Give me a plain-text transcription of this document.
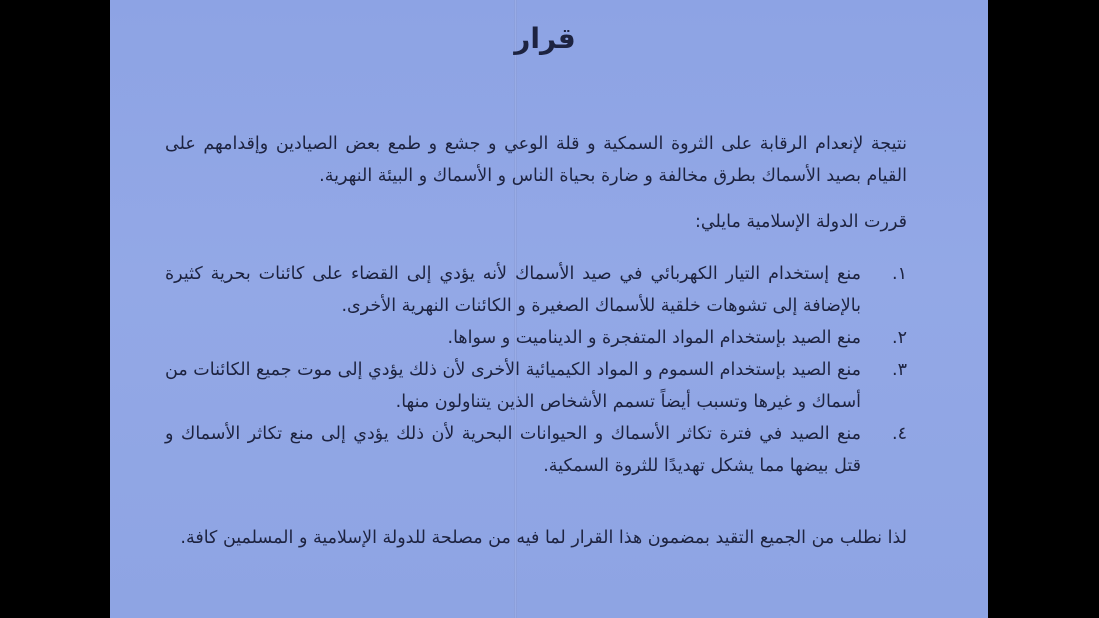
قرار
نتيجة لإنعدام الرقابة على الثروة السمكية و قلة الوعي و جشع و طمع بعض الصيادين وإقدامهم على القيام بصيد الأسماك بطرق مخالفة و ضارة بحياة الناس و الأسماك و البيئة النهرية.
قررت الدولة الإسلامية مايلي:
١.
منع إستخدام التيار الكهربائي في صيد الأسماك لأنه يؤدي إلى القضاء على كائنات بحرية كثيرة بالإضافة إلى تشوهات خلقية للأسماك الصغيرة و الكائنات النهرية الأخرى.
٢.
منع الصيد بإستخدام المواد المتفجرة و الديناميت و سواها.
٣.
منع الصيد بإستخدام السموم و المواد الكيميائية الأخرى لأن ذلك يؤدي إلى موت جميع الكائنات من أسماك و غيرها وتسبب أيضاً تسمم الأشخاص الذين يتناولون منها.
٤.
منع الصيد في فترة تكاثر الأسماك و الحيوانات البحرية لأن ذلك يؤدي إلى منع تكاثر الأسماك و قتل بيضها مما يشكل تهديدًا للثروة السمكية.
لذا نطلب من الجميع التقيد بمضمون هذا القرار لما فيه من مصلحة للدولة الإسلامية و المسلمين كافة.
